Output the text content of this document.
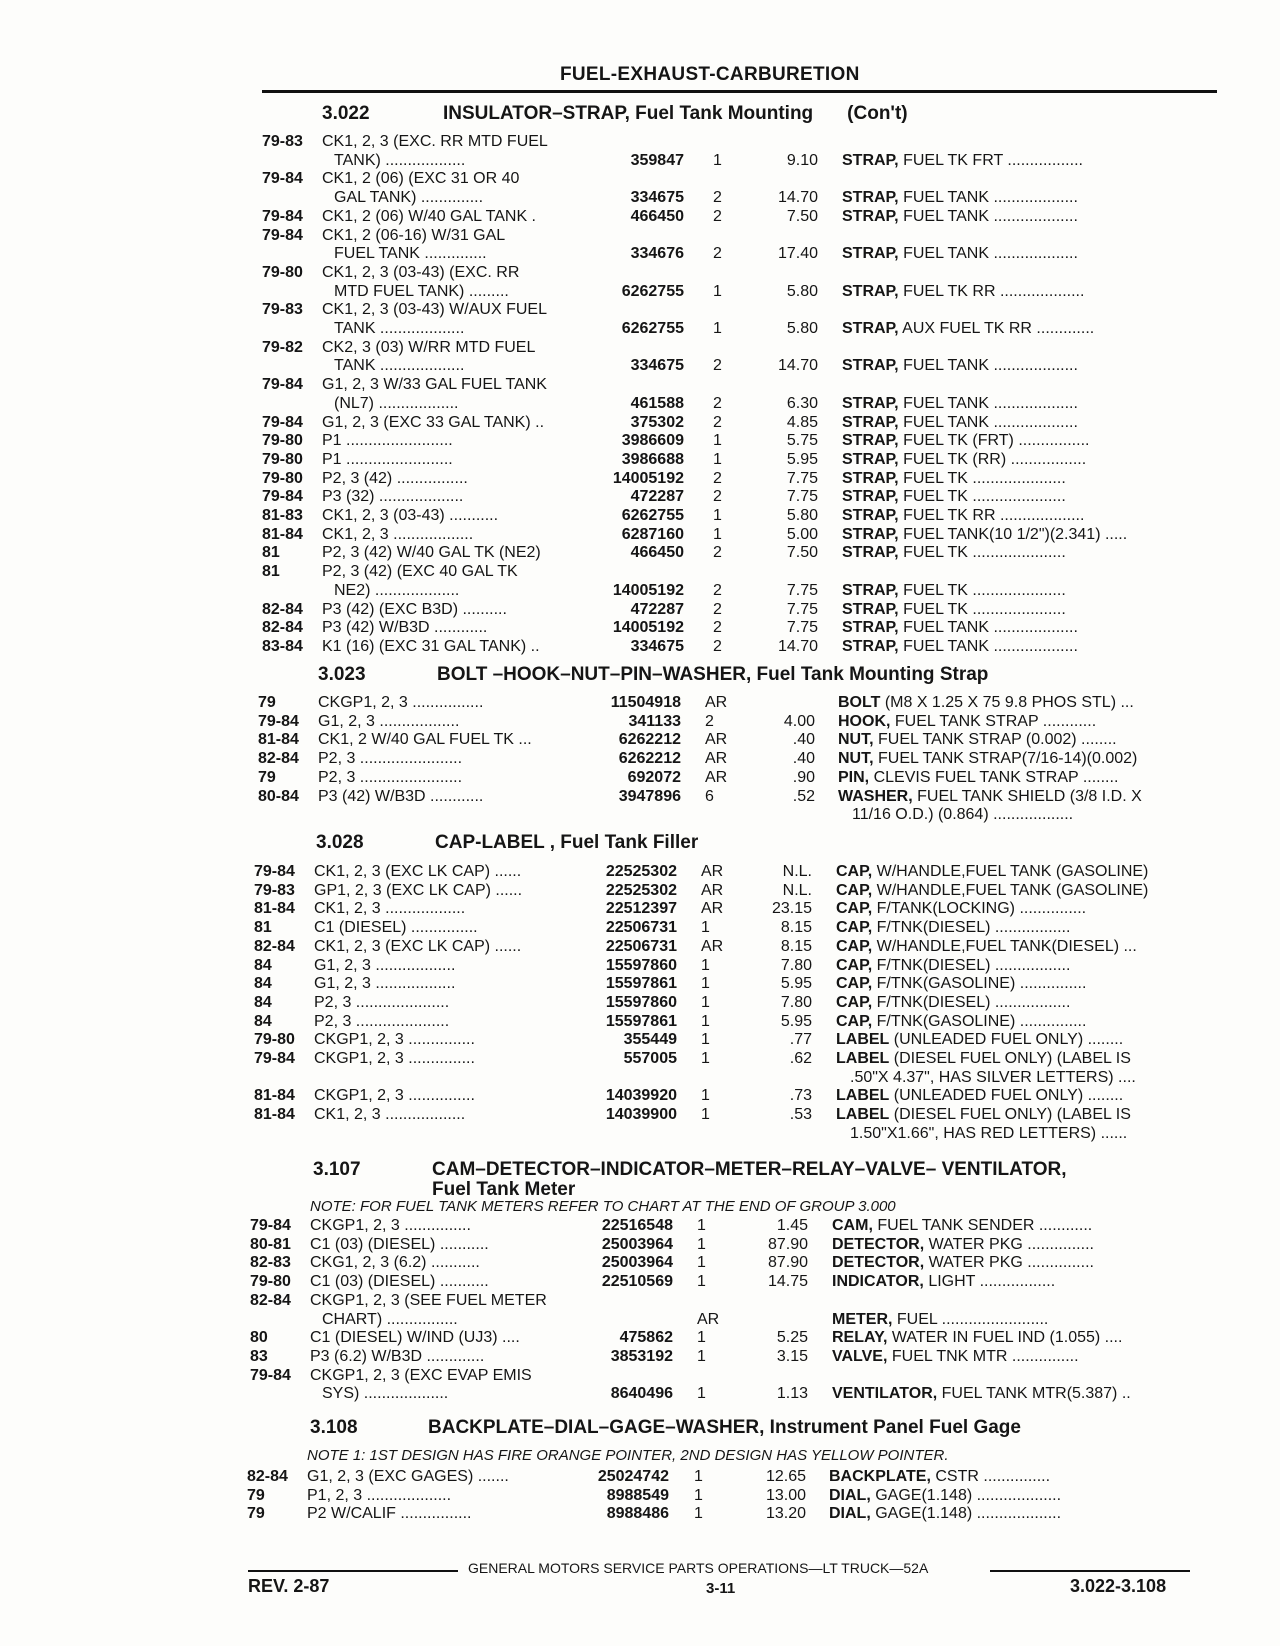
FUEL-EXHAUST-CARBURETION
3.022	INSULATOR–STRAP, Fuel Tank Mounting (Con't)
79-83 CK1, 2, 3 (EXC. RR MTD FUEL
TANK) ..................	359847 1	9.10 STRAP, FUEL TK FRT .................
79-84 CK1, 2 (06) (EXC 31 OR 40
GAL TANK) ..............	334675 2	14.70 STRAP, FUEL TANK ...................
79-84 CK1, 2 (06) W/40 GAL TANK .	466450 2	7.50 STRAP, FUEL TANK ...................
79-84 CK1, 2 (06-16) W/31 GAL
FUEL TANK ..............	334676 2	17.40 STRAP, FUEL TANK ...................
79-80 CK1, 2, 3 (03-43) (EXC. RR
MTD FUEL TANK) .........	6262755 1	5.80 STRAP, FUEL TK RR ...................
79-83 CK1, 2, 3 (03-43) W/AUX FUEL
TANK ...................	6262755 1	5.80 STRAP, AUX FUEL TK RR .............
79-82 CK2, 3 (03) W/RR MTD FUEL
TANK ...................	334675 2	14.70 STRAP, FUEL TANK ...................
79-84 G1, 2, 3 W/33 GAL FUEL TANK
(NL7) ..................	461588 2	6.30 STRAP, FUEL TANK ...................
79-84 G1, 2, 3 (EXC 33 GAL TANK) ..	375302 2	4.85 STRAP, FUEL TANK ...................
79-80 P1 ........................	3986609 1	5.75 STRAP, FUEL TK (FRT) ................
79-80 P1 ........................	3986688 1	5.95 STRAP, FUEL TK (RR) .................
79-80 P2, 3 (42) ................	14005192 2	7.75 STRAP, FUEL TK .....................
79-84 P3 (32) ...................	472287 2	7.75 STRAP, FUEL TK .....................
81-83 CK1, 2, 3 (03-43) ...........	6262755 1	5.80 STRAP, FUEL TK RR ...................
81-84 CK1, 2, 3 ..................	6287160 1	5.00 STRAP, FUEL TANK(10 1/2")(2.341) .....
81	P2, 3 (42) W/40 GAL TK (NE2)	466450 2	7.50 STRAP, FUEL TK .....................
81	P2, 3 (42) (EXC 40 GAL TK
NE2) ...................	14005192 2	7.75 STRAP, FUEL TK .....................
82-84 P3 (42) (EXC B3D) ..........	472287 2	7.75 STRAP, FUEL TK .....................
82-84 P3 (42) W/B3D ............	14005192 2	7.75 STRAP, FUEL TANK ...................
83-84 K1 (16) (EXC 31 GAL TANK) ..	334675 2	14.70 STRAP, FUEL TANK ...................
3.023	BOLT –HOOK–NUT–PIN–WASHER, Fuel Tank Mounting Strap
79	CKGP1, 2, 3 ................	11504918 AR	BOLT (M8 X 1.25 X 75 9.8 PHOS STL) ...
79-84 G1, 2, 3 ..................	341133 2	4.00 HOOK, FUEL TANK STRAP ............
81-84 CK1, 2 W/40 GAL FUEL TK ...	6262212 AR	.40 NUT, FUEL TANK STRAP (0.002) ........
82-84 P2, 3 .......................	6262212 AR	.40 NUT, FUEL TANK STRAP(7/16-14)(0.002)
79	P2, 3 .......................	692072 AR	.90 PIN, CLEVIS FUEL TANK STRAP ........
80-84 P3 (42) W/B3D ............	3947896 6	.52 WASHER, FUEL TANK SHIELD (3/8 I.D. X
11/16 O.D.) (0.864) ..................
3.028	CAP-LABEL , Fuel Tank Filler
79-84 CK1, 2, 3 (EXC LK CAP) ......	22525302 AR	N.L. CAP, W/HANDLE,FUEL TANK (GASOLINE)
79-83 GP1, 2, 3 (EXC LK CAP) ......	22525302 AR	N.L. CAP, W/HANDLE,FUEL TANK (GASOLINE)
81-84 CK1, 2, 3 ..................	22512397 AR	23.15 CAP, F/TANK(LOCKING) ...............
81	C1 (DIESEL) ...............	22506731 1	8.15 CAP, F/TNK(DIESEL) .................
82-84 CK1, 2, 3 (EXC LK CAP) ......	22506731 AR	8.15 CAP, W/HANDLE,FUEL TANK(DIESEL) ...
84	G1, 2, 3 ..................	15597860 1	7.80 CAP, F/TNK(DIESEL) .................
84	G1, 2, 3 ..................	15597861 1	5.95 CAP, F/TNK(GASOLINE) ...............
84	P2, 3 .....................	15597860 1	7.80 CAP, F/TNK(DIESEL) .................
84	P2, 3 .....................	15597861 1	5.95 CAP, F/TNK(GASOLINE) ...............
79-80 CKGP1, 2, 3 ...............	355449 1	.77 LABEL (UNLEADED FUEL ONLY) ........
79-84 CKGP1, 2, 3 ...............	557005 1	.62 LABEL (DIESEL FUEL ONLY) (LABEL IS
.50"X 4.37", HAS SILVER LETTERS) ....
81-84 CKGP1, 2, 3 ...............	14039920 1	.73 LABEL (UNLEADED FUEL ONLY) ........
81-84 CK1, 2, 3 ..................	14039900 1	.53 LABEL (DIESEL FUEL ONLY) (LABEL IS
1.50"X1.66", HAS RED LETTERS) ......
3.107	CAM–DETECTOR–INDICATOR–METER–RELAY–VALVE– VENTILATOR,
Fuel Tank Meter
NOTE: FOR FUEL TANK METERS REFER TO CHART AT THE END OF GROUP 3.000
79-84 CKGP1, 2, 3 ...............	22516548 1	1.45 CAM, FUEL TANK SENDER ............
80-81 C1 (03) (DIESEL) ...........	25003964 1	87.90 DETECTOR, WATER PKG ...............
82-83 CKG1, 2, 3 (6.2) ...........	25003964 1	87.90 DETECTOR, WATER PKG ...............
79-80 C1 (03) (DIESEL) ...........	22510569 1	14.75 INDICATOR, LIGHT .................
82-84 CKGP1, 2, 3 (SEE FUEL METER
CHART) ................	AR	METER, FUEL ........................
80	C1 (DIESEL) W/IND (UJ3) ....	475862 1	5.25 RELAY, WATER IN FUEL IND (1.055) ....
83	P3 (6.2) W/B3D .............	3853192 1	3.15 VALVE, FUEL TNK MTR ...............
79-84 CKGP1, 2, 3 (EXC EVAP EMIS
SYS) ...................	8640496 1	1.13 VENTILATOR, FUEL TANK MTR(5.387) ..
3.108	BACKPLATE–DIAL–GAGE–WASHER, Instrument Panel Fuel Gage
NOTE 1: 1ST DESIGN HAS FIRE ORANGE POINTER, 2ND DESIGN HAS YELLOW POINTER.
82-84 G1, 2, 3 (EXC GAGES) .......	25024742 1	12.65 BACKPLATE, CSTR ...............
79	P1, 2, 3 ...................	8988549 1	13.00 DIAL, GAGE(1.148) ...................
79	P2 W/CALIF ................	8988486 1	13.20 DIAL, GAGE(1.148) ...................
GENERAL MOTORS SERVICE PARTS OPERATIONS—LT TRUCK—52A
REV. 2-87	3-11	3.022-3.108
